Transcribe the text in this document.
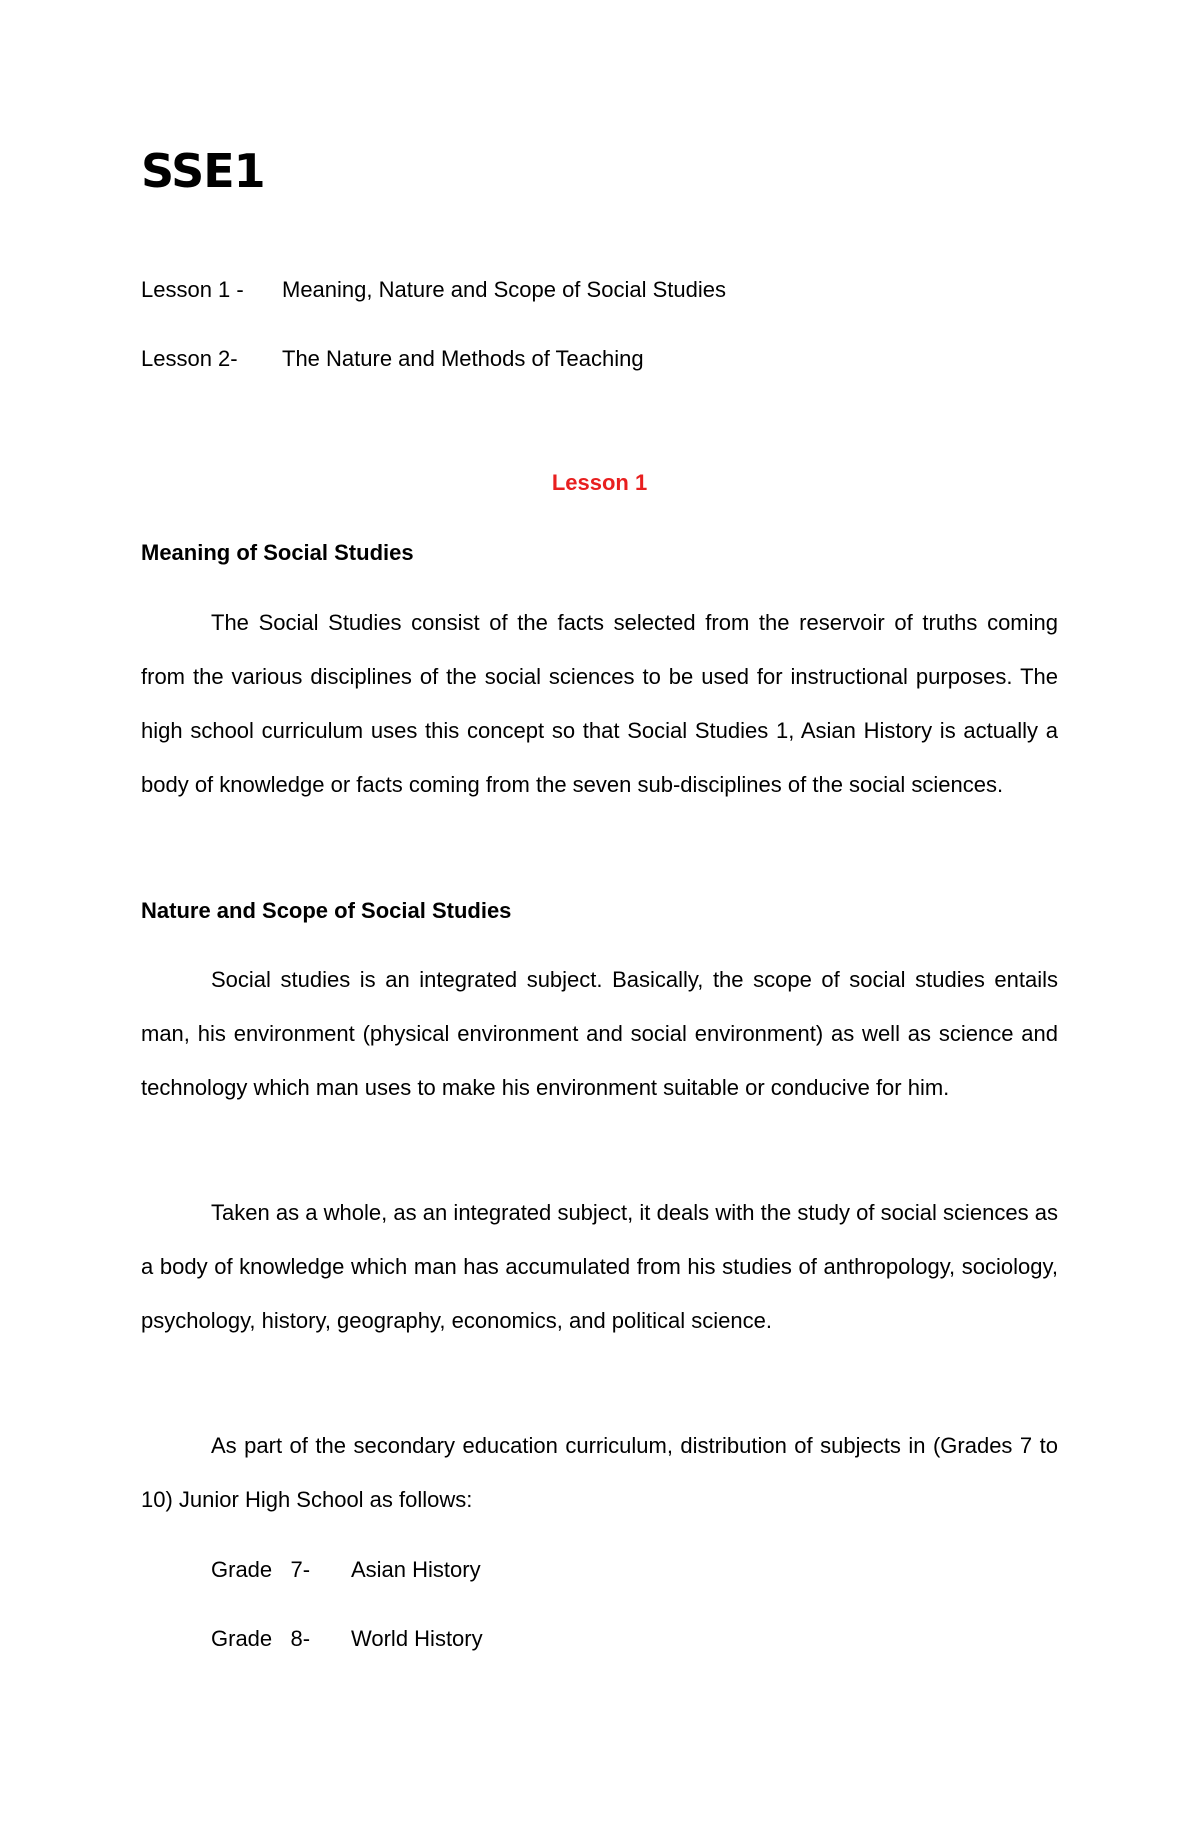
SSE1
Lesson 1 - Meaning, Nature and Scope of Social Studies
Lesson 2- The Nature and Methods of Teaching
Lesson 1
Meaning of Social Studies

The Social Studies consist of the facts selected from the reservoir of truths coming from the various disciplines of the social sciences to be used for instructional purposes. The high school curriculum uses this concept so that Social Studies 1, Asian History is actually a body of knowledge or facts coming from the seven sub-disciplines of the social sciences.

Nature and Scope of Social Studies

Social studies is an integrated subject. Basically, the scope of social studies entails man, his environment (physical environment and social environment) as well as science and technology which man uses to make his environment suitable or conducive for him.

Taken as a whole, as an integrated subject, it deals with the study of social sciences as a body of knowledge which man has accumulated from his studies of anthropology, sociology, psychology, history, geography, economics, and political science.

As part of the secondary education curriculum, distribution of subjects in (Grades 7 to 10) Junior High School as follows:

Grade   7- Asian History
Grade   8- World History
